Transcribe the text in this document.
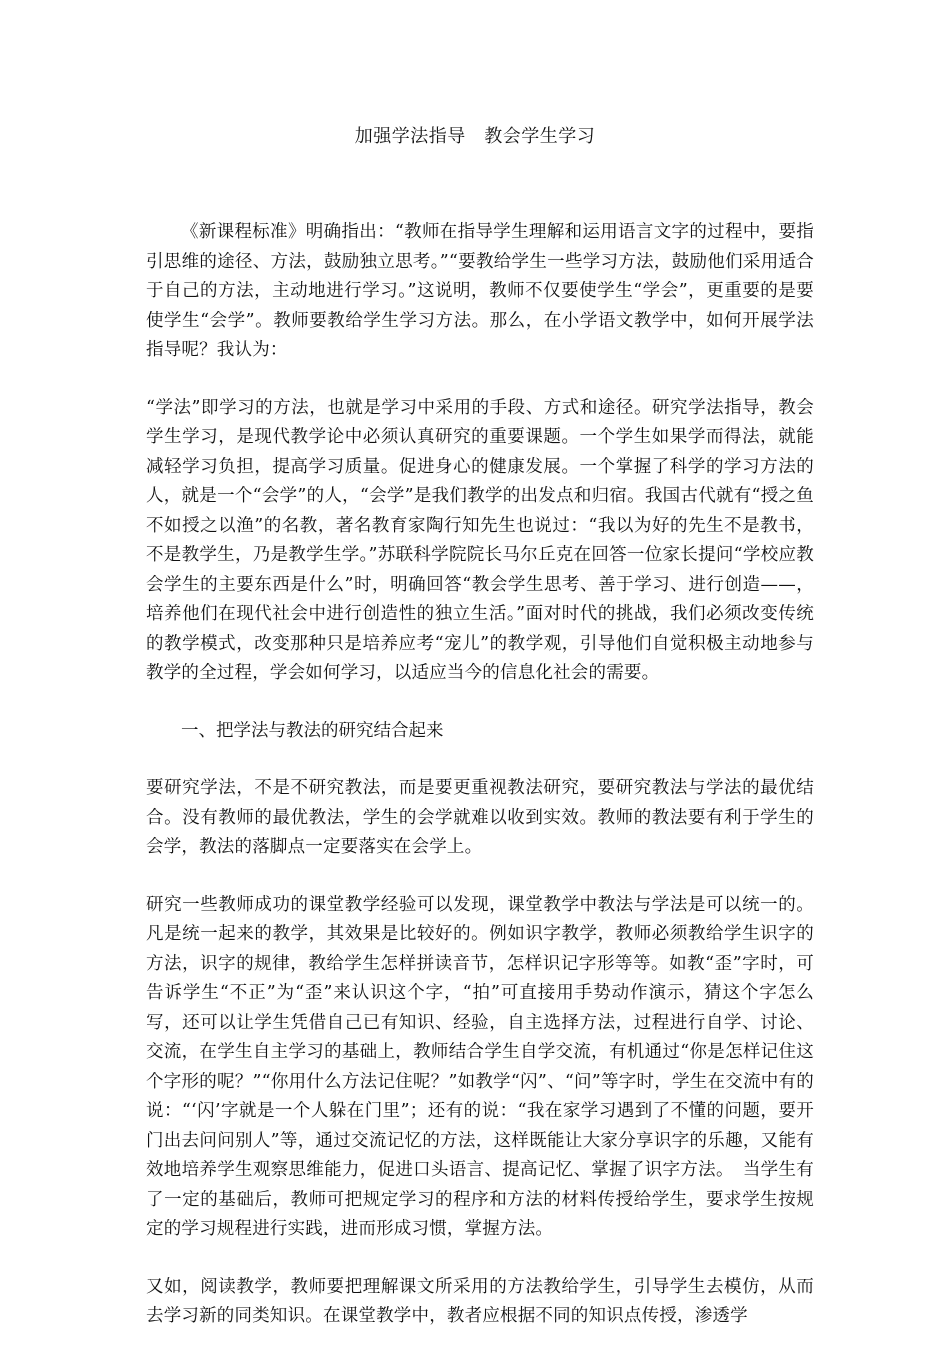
加强学法指导　教会学生学习

《新课程标准》明确指出：“教师在指导学生理解和运用语言文字的过程中，要指引思维的途径、方法，鼓励独立思考。”“要教给学生一些学习方法，鼓励他们采用适合于自己的方法，主动地进行学习。”这说明，教师不仅要使学生“学会”，更重要的是要使学生“会学”。教师要教给学生学习方法。那么，在小学语文教学中，如何开展学法指导呢？我认为：

“学法”即学习的方法，也就是学习中采用的手段、方式和途径。研究学法指导，教会学生学习，是现代教学论中必须认真研究的重要课题。一个学生如果学而得法，就能减轻学习负担，提高学习质量。促进身心的健康发展。一个掌握了科学的学习方法的人，就是一个“会学”的人，“会学”是我们教学的出发点和归宿。我国古代就有“授之鱼不如授之以渔”的名教，著名教育家陶行知先生也说过：“我以为好的先生不是教书，不是教学生，乃是教学生学。”苏联科学院院长马尔丘克在回答一位家长提问“学校应教会学生的主要东西是什么”时，明确回答“教会学生思考、善于学习、进行创造——，培养他们在现代社会中进行创造性的独立生活。”面对时代的挑战，我们必须改变传统的教学模式，改变那种只是培养应考“宠儿”的教学观，引导他们自觉积极主动地参与教学的全过程，学会如何学习，以适应当今的信息化社会的需要。

一、把学法与教法的研究结合起来

要研究学法，不是不研究教法，而是要更重视教法研究，要研究教法与学法的最优结合。没有教师的最优教法，学生的会学就难以收到实效。教师的教法要有利于学生的会学，教法的落脚点一定要落实在会学上。

研究一些教师成功的课堂教学经验可以发现，课堂教学中教法与学法是可以统一的。凡是统一起来的教学，其效果是比较好的。例如识字教学，教师必须教给学生识字的方法，识字的规律，教给学生怎样拼读音节，怎样识记字形等等。如教“歪”字时，可告诉学生“不正”为“歪”来认识这个字，“拍”可直接用手势动作演示，猜这个字怎么写，还可以让学生凭借自己已有知识、经验，自主选择方法，过程进行自学、讨论、交流，在学生自主学习的基础上，教师结合学生自学交流，有机通过“你是怎样记住这个字形的呢？”“你用什么方法记住呢？”如教学“闪”、“问”等字时，学生在交流中有的说：“‘闪’字就是一个人躲在门里”；还有的说：“我在家学习遇到了不懂的问题，要开门出去问问别人”等，通过交流记忆的方法，这样既能让大家分享识字的乐趣，又能有效地培养学生观察思维能力，促进口头语言、提高记忆、掌握了识字方法。　当学生有了一定的基础后，教师可把规定学习的程序和方法的材料传授给学生，要求学生按规定的学习规程进行实践，进而形成习惯，掌握方法。

又如，阅读教学，教师要把理解课文所采用的方法教给学生，引导学生去模仿，从而去学习新的同类知识。在课堂教学中，教者应根据不同的知识点传授，渗透学
